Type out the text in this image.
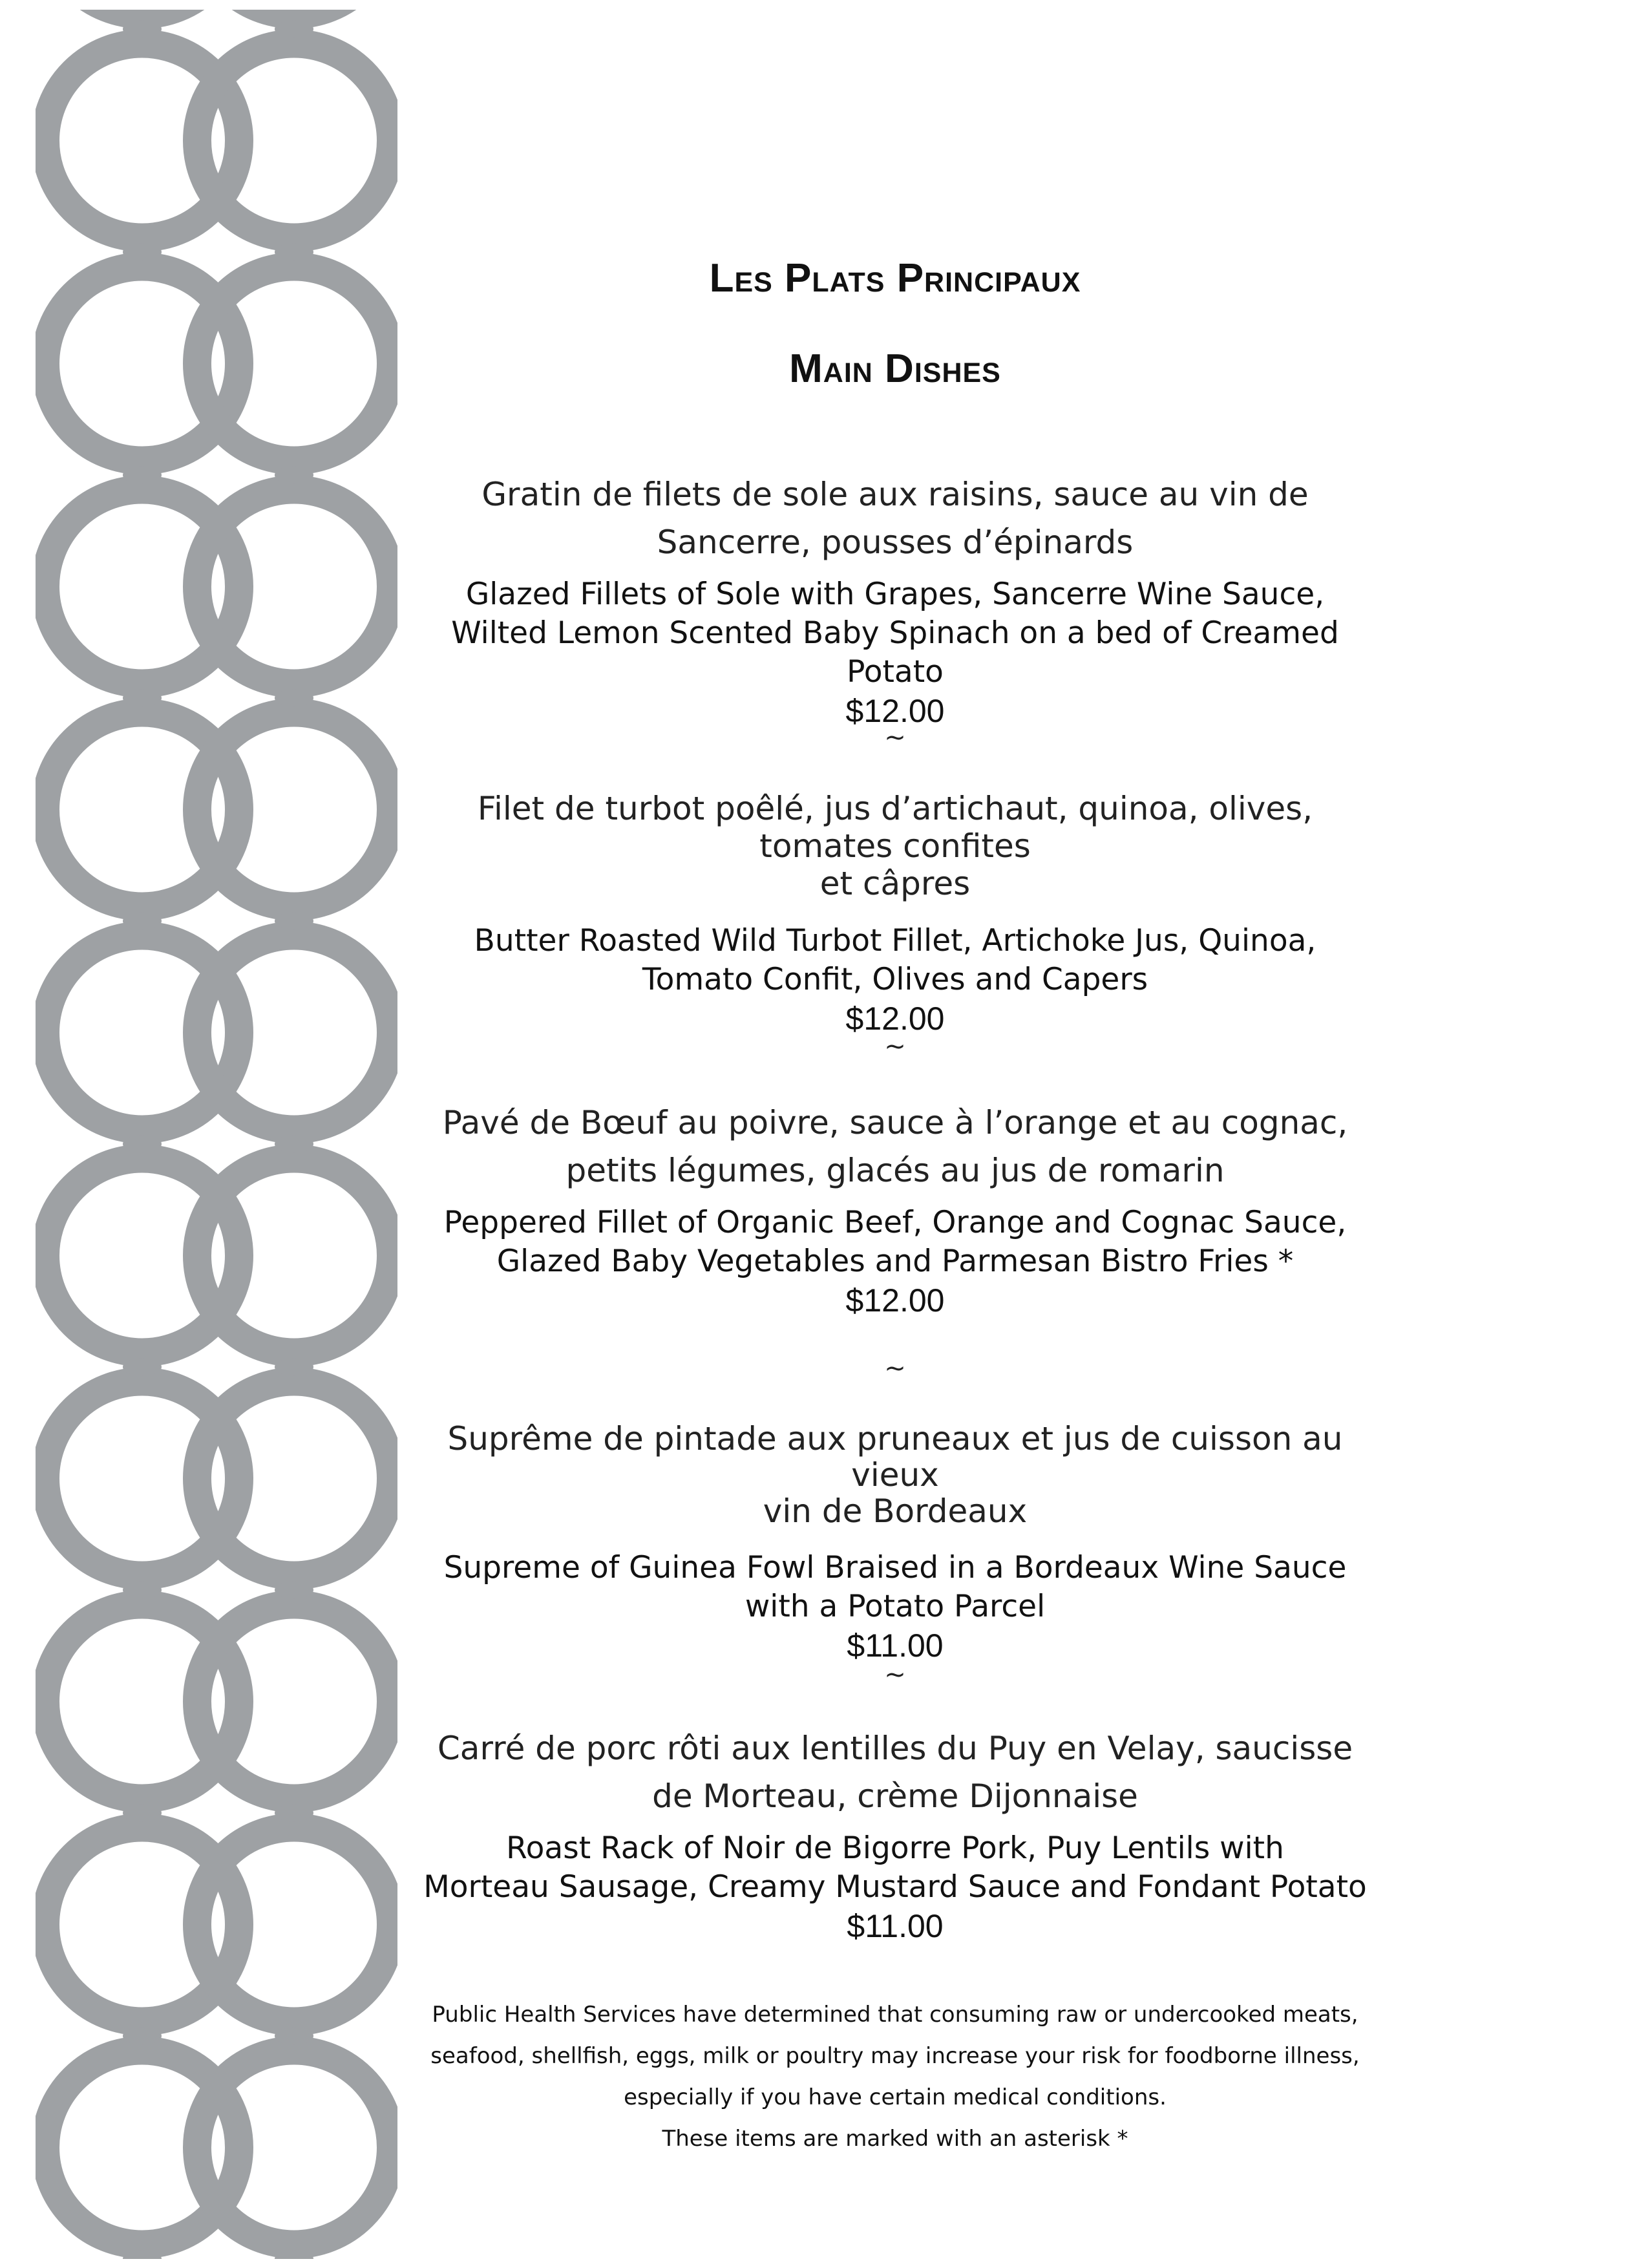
Les Plats Principaux
Main Dishes
Gratin de filets de sole aux raisins, sauce au vin de
Sancerre, pousses d’épinards
Glazed Fillets of Sole with Grapes, Sancerre Wine Sauce,
Wilted Lemon Scented Baby Spinach on a bed of Creamed Potato
$12.00
~
Filet de turbot poêlé, jus d’artichaut, quinoa, olives, tomates confites
et câpres
Butter Roasted Wild Turbot Fillet, Artichoke Jus, Quinoa,
Tomato Confit, Olives and Capers
$12.00
~
Pavé de Bœuf au poivre, sauce à l’orange et au cognac,
petits légumes, glacés au jus de romarin
Peppered Fillet of Organic Beef, Orange and Cognac Sauce,
Glazed Baby Vegetables and Parmesan Bistro Fries *
$12.00
~
Suprême de pintade aux pruneaux et jus de cuisson au vieux
vin de Bordeaux
Supreme of Guinea Fowl Braised in a Bordeaux Wine Sauce
with a Potato Parcel
$11.00
~
Carré de porc rôti aux lentilles du Puy en Velay, saucisse
de Morteau, crème Dijonnaise
Roast Rack of Noir de Bigorre Pork, Puy Lentils with
Morteau Sausage, Creamy Mustard Sauce and Fondant Potato
$11.00

Public Health Services have determined that consuming raw or undercooked meats,

seafood, shellfish, eggs, milk or poultry may increase your risk for foodborne illness,

especially if you have certain medical conditions.

These items are marked with an asterisk *
